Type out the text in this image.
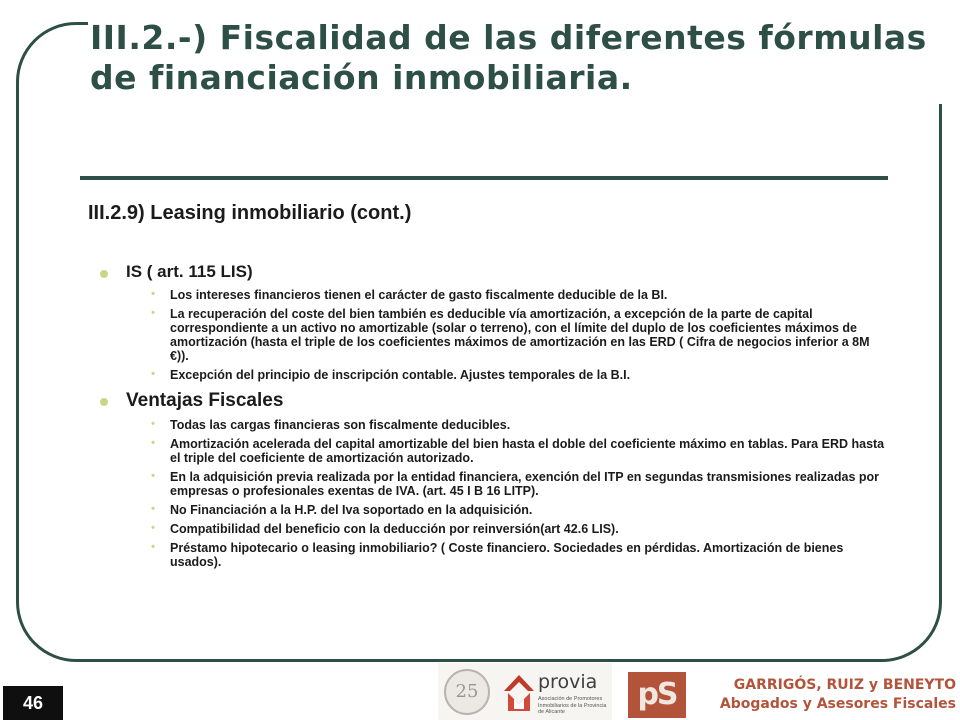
III.2.-) Fiscalidad de las diferentes fórmulas de financiación inmobiliaria.
III.2.9) Leasing inmobiliario (cont.)
IS ( art. 115 LIS)
• Los intereses financieros tienen el carácter de gasto fiscalmente deducible de la BI.
• La recuperación del coste del bien también es deducible vía amortización, a excepción de la parte de capital correspondiente a un activo no amortizable (solar o terreno), con el límite del duplo de los coeficientes máximos de amortización (hasta el triple de los coeficientes máximos de amortización en las ERD ( Cifra de negocios inferior a 8M €)).
• Excepción del principio de inscripción contable. Ajustes temporales de la B.I.
Ventajas Fiscales
• Todas las cargas financieras son fiscalmente deducibles.
• Amortización acelerada del capital amortizable del bien hasta el doble del coeficiente máximo en tablas. Para ERD hasta el triple del coeficiente de amortización autorizado.
• En la adquisición previa realizada por la entidad financiera, exención del ITP en segundas transmisiones realizadas por empresas o profesionales exentas de IVA. (art. 45 I B 16 LITP).
• No Financiación a la H.P. del Iva soportado en la adquisición.
• Compatibilidad del beneficio con la deducción por reinversión(art 42.6 LIS).
• Préstamo hipotecario o leasing inmobiliario? ( Coste financiero. Sociedades en pérdidas. Amortización de bienes usados).
46
25	provia
Asociación de Promotores Inmobiliarios de la Provincia de Alicante	pS	GARRIGÓS, RUIZ y BENEYTO
Abogados y Asesores Fiscales
